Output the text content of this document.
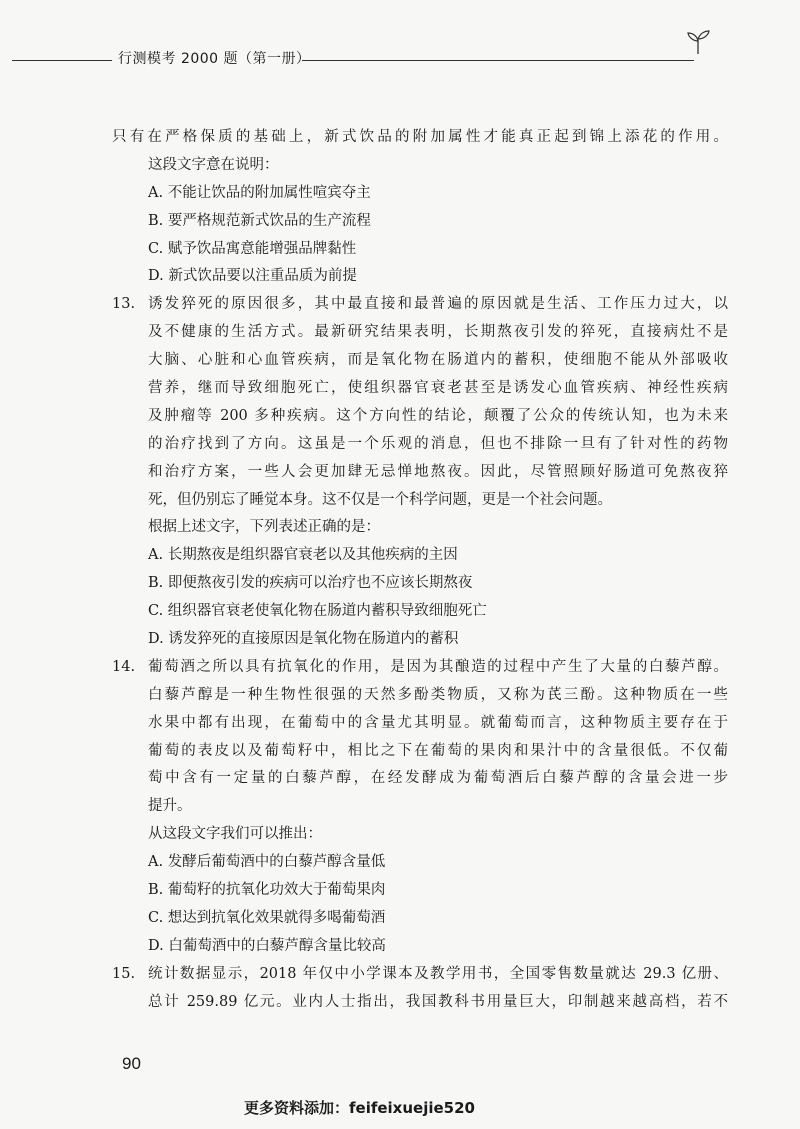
行测模考 2000 题（第一册）
只有在严格保质的基础上，新式饮品的附加属性才能真正起到锦上添花的作用。
这段文字意在说明：
A. 不能让饮品的附加属性喧宾夺主
B. 要严格规范新式饮品的生产流程
C. 赋予饮品寓意能增强品牌黏性
D. 新式饮品要以注重品质为前提
13. 诱发猝死的原因很多，其中最直接和最普遍的原因就是生活、工作压力过大，以
及不健康的生活方式。最新研究结果表明，长期熬夜引发的猝死，直接病灶不是
大脑、心脏和心血管疾病，而是氧化物在肠道内的蓄积，使细胞不能从外部吸收
营养，继而导致细胞死亡，使组织器官衰老甚至是诱发心血管疾病、神经性疾病
及肿瘤等 200 多种疾病。这个方向性的结论，颠覆了公众的传统认知，也为未来
的治疗找到了方向。这虽是一个乐观的消息，但也不排除一旦有了针对性的药物
和治疗方案，一些人会更加肆无忌惮地熬夜。因此，尽管照顾好肠道可免熬夜猝
死，但仍别忘了睡觉本身。这不仅是一个科学问题，更是一个社会问题。
根据上述文字，下列表述正确的是：
A. 长期熬夜是组织器官衰老以及其他疾病的主因
B. 即便熬夜引发的疾病可以治疗也不应该长期熬夜
C. 组织器官衰老使氧化物在肠道内蓄积导致细胞死亡
D. 诱发猝死的直接原因是氧化物在肠道内的蓄积
14. 葡萄酒之所以具有抗氧化的作用，是因为其酿造的过程中产生了大量的白藜芦醇。
白藜芦醇是一种生物性很强的天然多酚类物质，又称为芪三酚。这种物质在一些
水果中都有出现，在葡萄中的含量尤其明显。就葡萄而言，这种物质主要存在于
葡萄的表皮以及葡萄籽中，相比之下在葡萄的果肉和果汁中的含量很低。不仅葡
萄中含有一定量的白藜芦醇，在经发酵成为葡萄酒后白藜芦醇的含量会进一步
提升。
从这段文字我们可以推出：
A. 发酵后葡萄酒中的白藜芦醇含量低
B. 葡萄籽的抗氧化功效大于葡萄果肉
C. 想达到抗氧化效果就得多喝葡萄酒
D. 白葡萄酒中的白藜芦醇含量比较高
15. 统计数据显示，2018 年仅中小学课本及教学用书，全国零售数量就达 29.3 亿册、
总计 259.89 亿元。业内人士指出，我国教科书用量巨大，印制越来越高档，若不
90
更多资料添加：feifeixuejie520
